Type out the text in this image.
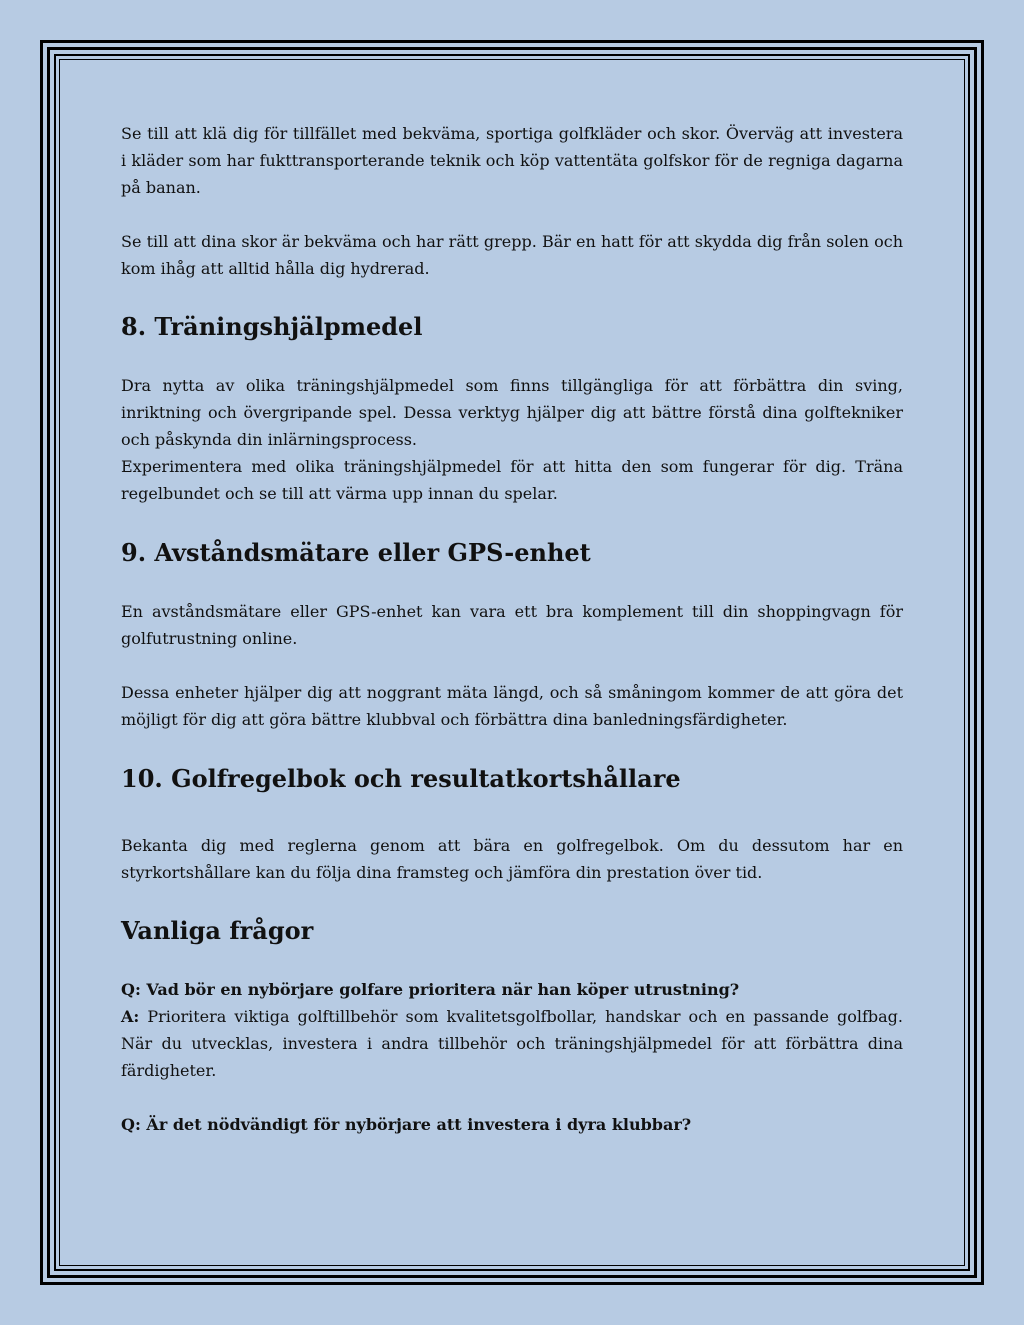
Se till att klä dig för tillfället med bekväma, sportiga golfkläder och skor. Överväg att investera i kläder som har fukttransporterande teknik och köp vattentäta golfskor för de regniga dagarna på banan.

Se till att dina skor är bekväma och har rätt grepp. Bär en hatt för att skydda dig från solen och kom ihåg att alltid hålla dig hydrerad.

8. Träningshjälpmedel

Dra nytta av olika träningshjälpmedel som finns tillgängliga för att förbättra din sving, inriktning och övergripande spel. Dessa verktyg hjälper dig att bättre förstå dina golftekniker och påskynda din inlärningsprocess.

Experimentera med olika träningshjälpmedel för att hitta den som fungerar för dig. Träna regelbundet och se till att värma upp innan du spelar.

9. Avståndsmätare eller GPS-enhet

En avståndsmätare eller GPS-enhet kan vara ett bra komplement till din shoppingvagn för golfutrustning online.

Dessa enheter hjälper dig att noggrant mäta längd, och så småningom kommer de att göra det möjligt för dig att göra bättre klubbval och förbättra dina banledningsfärdigheter.

10. Golfregelbok och resultatkortshållare

Bekanta dig med reglerna genom att bära en golfregelbok. Om du dessutom har en styrkortshållare kan du följa dina framsteg och jämföra din prestation över tid.

Vanliga frågor

Q: Vad bör en nybörjare golfare prioritera när han köper utrustning?

A: Prioritera viktiga golftillbehör som kvalitetsgolfbollar, handskar och en passande golfbag. När du utvecklas, investera i andra tillbehör och träningshjälpmedel för att förbättra dina färdigheter.

Q: Är det nödvändigt för nybörjare att investera i dyra klubbar?
